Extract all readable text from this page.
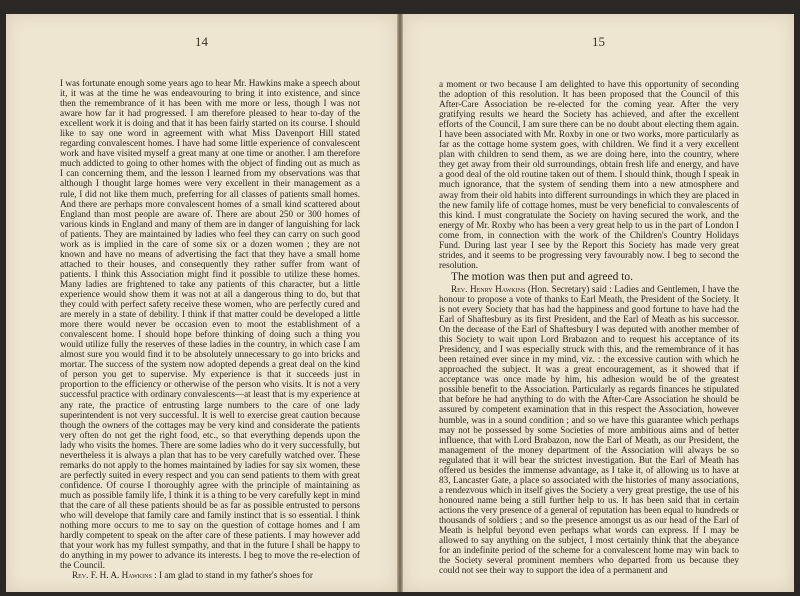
14

I was fortunate enough some years ago to hear Mr. Hawkins make a speech about it, it was at the time he was endeavouring to bring it into existence, and since then the remembrance of it has been with me more or less, though I was not aware how far it had progressed. I am therefore pleased to hear to-day of the excellent work it is doing and that it has been fairly started on its course. I should like to say one word in agreement with what Miss Davenport Hill stated regarding convalescent homes. I have had some little experience of convalescent work and have visited myself a great many at one time or another. I am therefore much addicted to going to other homes with the object of finding out as much as I can concerning them, and the lesson I learned from my observations was that although I thought large homes were very excellent in their management as a rule, I did not like them much, preferring for all classes of patients small homes. And there are perhaps more convalescent homes of a small kind scattered about England than most people are aware of. There are about 250 or 300 homes of various kinds in England and many of them are in danger of languishing for lack of patients. They are maintained by ladies who feel they can carry on such good work as is implied in the care of some six or a dozen women ; they are not known and have no means of advertising the fact that they have a small home attached to their houses, and consequently they rather suffer from want of patients. I think this Association might find it possible to utilize these homes. Many ladies are frightened to take any patients of this character, but a little experience would show them it was not at all a dangerous thing to do, but that they could with perfect safety receive these women, who are perfectly cured and are merely in a state of debility. I think if that matter could be developed a little more there would never be occasion even to moot the establishment of a convalescent home. I should hope before thinking of doing such a thing you would utilize fully the reserves of these ladies in the country, in which case I am almost sure you would find it to be absolutely unnecessary to go into bricks and mortar. The success of the system now adopted depends a great deal on the kind of person you get to supervise. My experience is that it succeeds just in proportion to the efficiency or otherwise of the person who visits. It is not a very successful practice with ordinary convalescents—at least that is my experience at any rate, the practice of entrusting large numbers to the care of one lady superintendent is not very successful. It is well to exercise great caution because though the owners of the cottages may be very kind and considerate the patients very often do not get the right food, etc., so that everything depends upon the lady who visits the homes. There are some ladies who do it very successfully, but nevertheless it is always a plan that has to be very carefully watched over. These remarks do not apply to the homes maintained by ladies for say six women, these are perfectly suited in every respect and you can send patients to them with great confidence. Of course I thoroughly agree with the principle of maintaining as much as possible family life, I think it is a thing to be very carefully kept in mind that the care of all these patients should be as far as possible entrusted to persons who will develope that family care and family instinct that is so essential. I think nothing more occurs to me to say on the question of cottage homes and I am hardly competent to speak on the after care of these patients. I may however add that your work has my fullest sympathy, and that in the future I shall be happy to do anything in my power to advance its interests. I beg to move the re-election of the Council.

Rev. F. H. A. Hawkins : I am glad to stand in my father's shoes for

15

a moment or two because I am delighted to have this opportunity of seconding the adoption of this resolution. It has been proposed that the Council of this After-Care Association be re-elected for the coming year. After the very gratifying results we heard the Society has achieved, and after the excellent efforts of the Council, I am sure there can be no doubt about electing them again. I have been associated with Mr. Roxby in one or two works, more particularly as far as the cottage home system goes, with children. We find it a very excellent plan with children to send them, as we are doing here, into the country, where they get away from their old surroundings, obtain fresh life and energy, and have a good deal of the old routine taken out of them. I should think, though I speak in much ignorance, that the system of sending them into a new atmosphere and away from their old habits into different surroundings in which they are placed in the new family life of cottage homes, must be very beneficial to convalescents of this kind. I must congratulate the Society on having secured the work, and the energy of Mr. Roxby who has been a very great help to us in the part of London I come from, in connection with the work of the Children's Country Holidays Fund. During last year I see by the Report this Society has made very great strides, and it seems to be progressing very favourably now. I beg to second the resolution.

The motion was then put and agreed to.

Rev. Henry Hawkins (Hon. Secretary) said : Ladies and Gentlemen, I have the honour to propose a vote of thanks to Earl Meath, the President of the Society. It is not every Society that has had the happiness and good fortune to have had the Earl of Shaftesbury as its first President, and the Earl of Meath as his successor. On the decease of the Earl of Shaftesbury I was deputed with another member of this Society to wait upon Lord Brabazon and to request his acceptance of its Presidency, and I was especially struck with this, and the remembrance of it has been retained ever since in my mind, viz. : the excessive caution with which he approached the subject. It was a great encouragement, as it showed that if acceptance was once made by him, his adhesion would be of the greatest possible benefit to the Association. Particularly as regards finances he stipulated that before he had anything to do with the After-Care Association he should be assured by competent examination that in this respect the Association, however humble, was in a sound condition ; and so we have this guarantee which perhaps may not be possessed by some Societies of more ambitious aims and of better influence, that with Lord Brabazon, now the Earl of Meath, as our President, the management of the money department of the Association will always be so regulated that it will bear the strictest investigation. But the Earl of Meath has offered us besides the immense advantage, as I take it, of allowing us to have at 83, Lancaster Gate, a place so associated with the histories of many associations, a rendezvous which in itself gives the Society a very great prestige, the use of his honoured name being a still further help to us. It has been said that in certain actions the very presence of a general of reputation has been equal to hundreds or thousands of soldiers ; and so the presence amongst us as our head of the Earl of Meath is helpful beyond even perhaps what words can express. If I may be allowed to say anything on the subject, I most certainly think that the abeyance for an indefinite period of the scheme for a convalescent home may win back to the Society several prominent members who departed from us because they could not see their way to support the idea of a permanent and
